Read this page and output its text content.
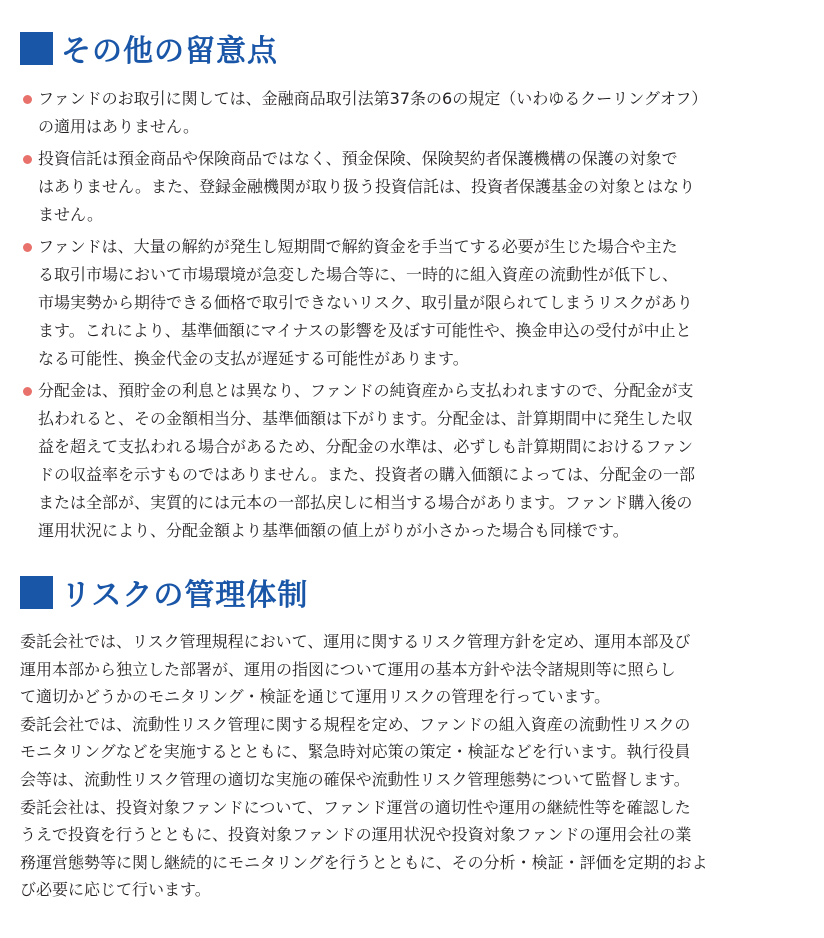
その他の留意点
ファンドのお取引に関しては、金融商品取引法第37条の6の規定（いわゆるクーリングオフ）
の適用はありません。
投資信託は預金商品や保険商品ではなく、預金保険、保険契約者保護機構の保護の対象で
はありません。また、登録金融機関が取り扱う投資信託は、投資者保護基金の対象とはなり
ません。
ファンドは、大量の解約が発生し短期間で解約資金を手当てする必要が生じた場合や主た
る取引市場において市場環境が急変した場合等に、一時的に組入資産の流動性が低下し、
市場実勢から期待できる価格で取引できないリスク、取引量が限られてしまうリスクがあり
ます。これにより、基準価額にマイナスの影響を及ぼす可能性や、換金申込の受付が中止と
なる可能性、換金代金の支払が遅延する可能性があります。
分配金は、預貯金の利息とは異なり、ファンドの純資産から支払われますので、分配金が支
払われると、その金額相当分、基準価額は下がります。分配金は、計算期間中に発生した収
益を超えて支払われる場合があるため、分配金の水準は、必ずしも計算期間におけるファン
ドの収益率を示すものではありません。また、投資者の購入価額によっては、分配金の一部
または全部が、実質的には元本の一部払戻しに相当する場合があります。ファンド購入後の
運用状況により、分配金額より基準価額の値上がりが小さかった場合も同様です。
リスクの管理体制

委託会社では、リスク管理規程において、運用に関するリスク管理方針を定め、運用本部及び
運用本部から独立した部署が、運用の指図について運用の基本方針や法令諸規則等に照らし
て適切かどうかのモニタリング・検証を通じて運用リスクの管理を行っています。

委託会社では、流動性リスク管理に関する規程を定め、ファンドの組入資産の流動性リスクの
モニタリングなどを実施するとともに、緊急時対応策の策定・検証などを行います。執行役員
会等は、流動性リスク管理の適切な実施の確保や流動性リスク管理態勢について監督します。

委託会社は、投資対象ファンドについて、ファンド運営の適切性や運用の継続性等を確認した
うえで投資を行うとともに、投資対象ファンドの運用状況や投資対象ファンドの運用会社の業
務運営態勢等に関し継続的にモニタリングを行うとともに、その分析・検証・評価を定期的およ
び必要に応じて行います。
